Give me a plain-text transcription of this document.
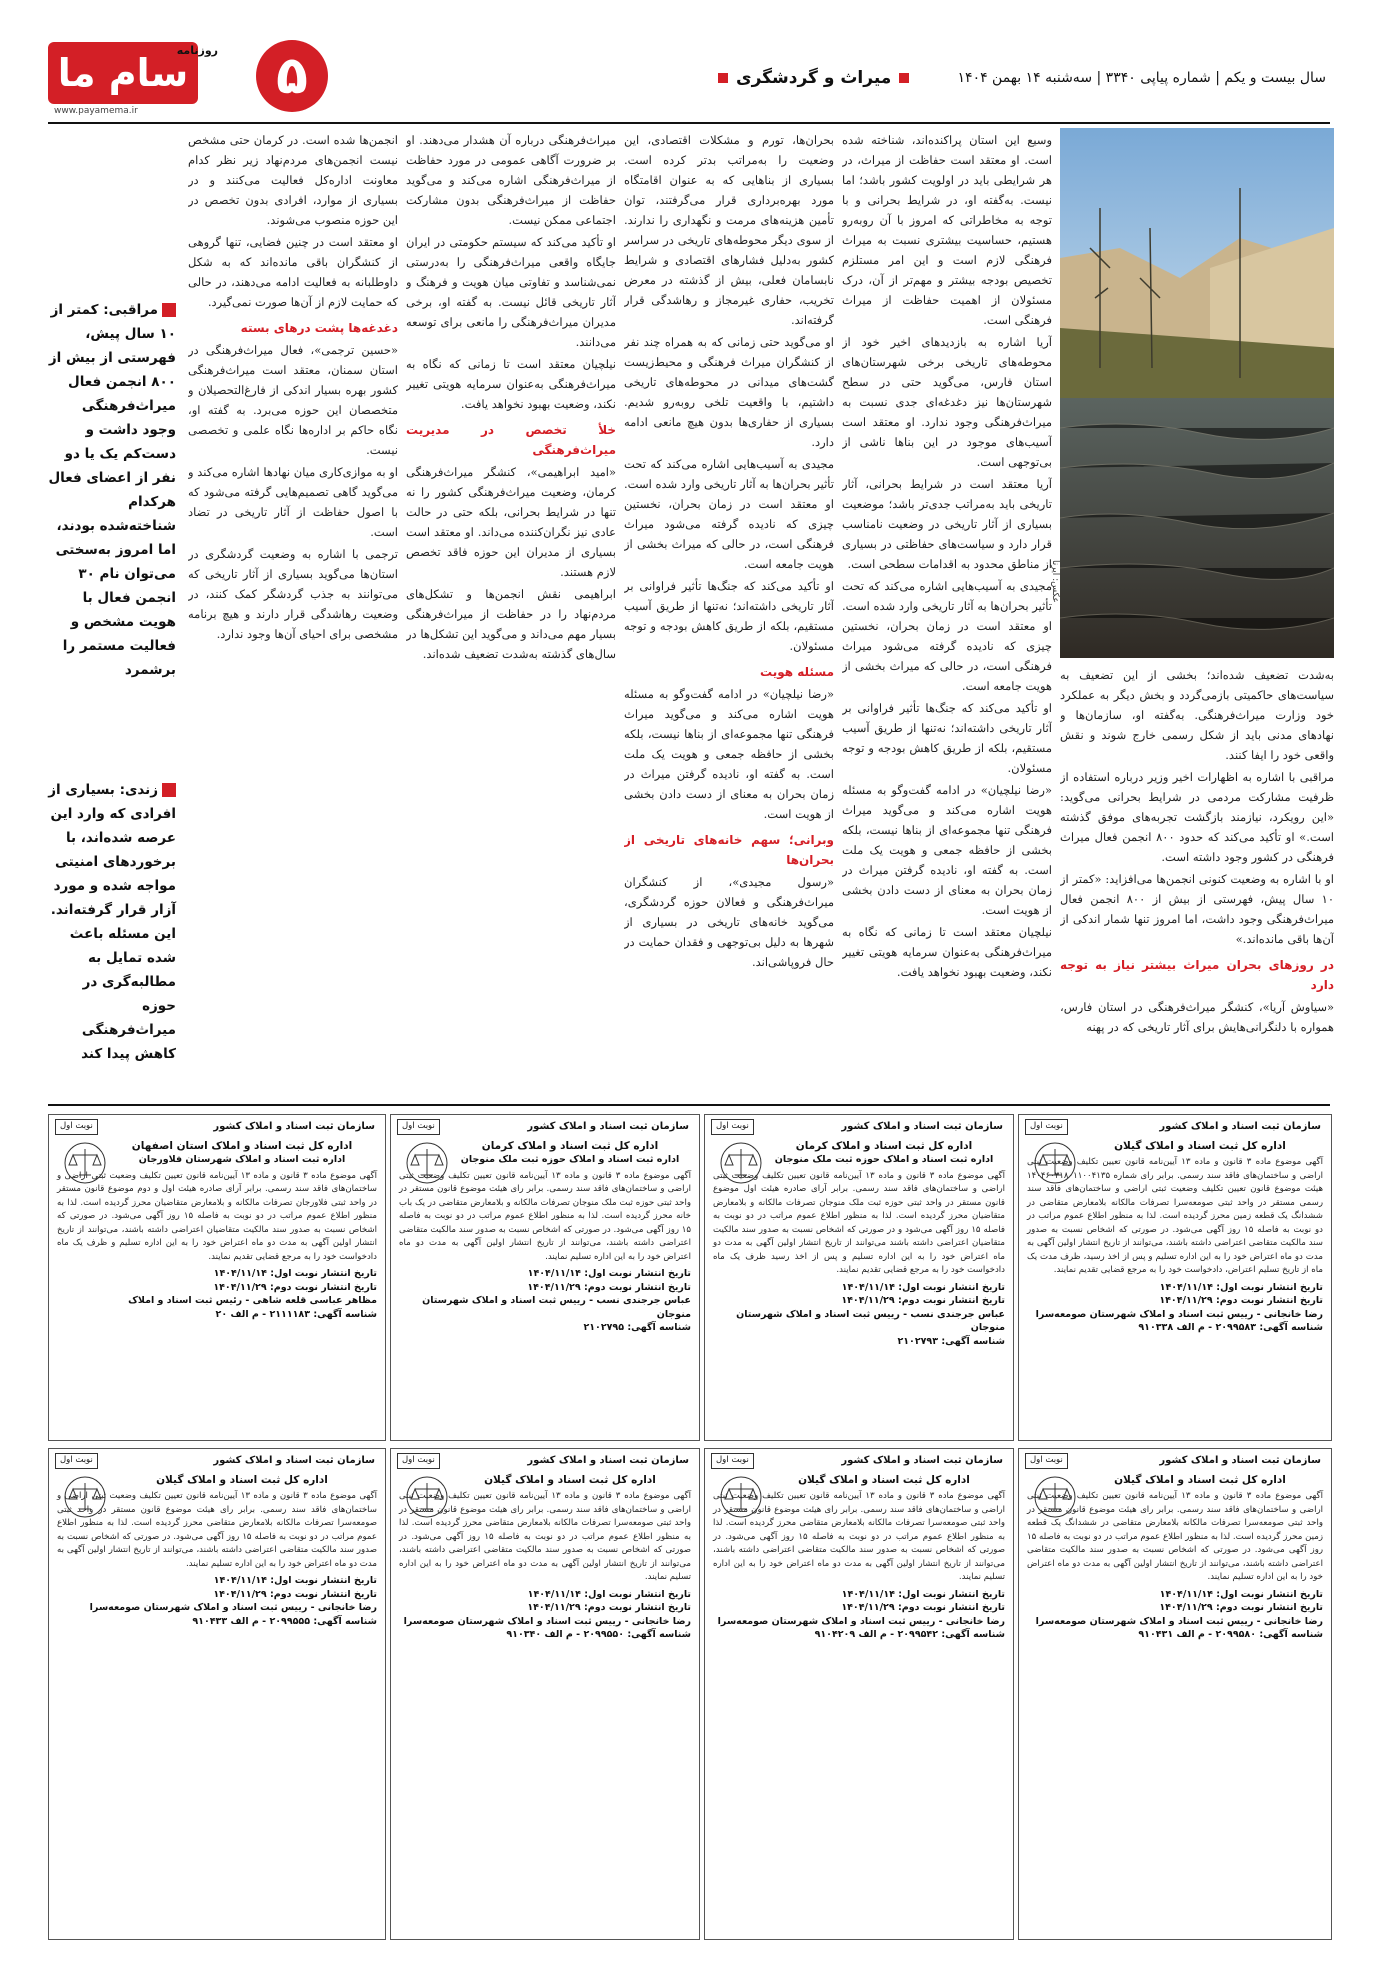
سام ما
روزنامه
www.payamema.ir
۵	میراث و گردشگری	سال بیست و یکم | شماره پیاپی ۳۳۴۰ | سه‌شنبه ۱۴ بهمن ۱۴۰۴
عکس: ایرنا

به‌شدت تضعیف شده‌اند؛ بخشی از این تضعیف به سیاست‌های حاکمیتی بازمی‌گردد و بخش دیگر به عملکرد خود وزارت میراث‌فرهنگی. به‌گفته او، سازمان‌ها و نهادهای مدنی باید از شکل رسمی خارج شوند و نقش واقعی خود را ایفا کنند.

مراقبی با اشاره به اظهارات اخیر وزیر درباره استفاده از ظرفیت مشارکت مردمی در شرایط بحرانی می‌گوید: «این رویکرد، نیازمند بازگشت تجربه‌های موفق گذشته است.» او تأکید می‌کند که حدود ۸۰۰ انجمن فعال میراث فرهنگی در کشور وجود داشته است.

او با اشاره به وضعیت کنونی انجمن‌ها می‌افزاید: «کمتر از ۱۰ سال پیش، فهرستی از بیش از ۸۰۰ انجمن فعال میراث‌فرهنگی وجود داشت، اما امروز تنها شمار اندکی از آن‌ها باقی مانده‌اند.»

در روزهای بحران میراث بیشتر نیاز به توجه دارد

«سیاوش آریا»، کنشگر میراث‌فرهنگی در استان فارس، همواره با دلنگرانی‌هایش برای آثار تاریخی که در پهنه

وسیع این استان پراکنده‌اند، شناخته شده است. او معتقد است حفاظت از میراث، در هر شرایطی باید در اولویت کشور باشد؛ اما نیست. به‌گفته او، در شرایط بحرانی و با توجه به مخاطراتی که امروز با آن روبه‌رو هستیم، حساسیت بیشتری نسبت به میراث فرهنگی لازم است و این امر مستلزم تخصیص بودجه بیشتر و مهم‌تر از آن، درک مسئولان از اهمیت حفاظت از میراث فرهنگی است.

آریا اشاره به بازدیدهای اخیر خود از محوطه‌های تاریخی برخی شهرستان‌های استان فارس، می‌گوید حتی در سطح شهرستان‌ها نیز دغدغه‌ای جدی نسبت به میراث‌فرهنگی وجود ندارد. او معتقد است آسیب‌های موجود در این بناها ناشی از بی‌توجهی است.

آریا معتقد است در شرایط بحرانی، آثار تاریخی باید به‌مراتب جدی‌تر باشد؛ موضعیت بسیاری از آثار تاریخی در وضعیت نامناسب قرار دارد و سیاست‌های حفاظتی در بسیاری از مناطق محدود به اقدامات سطحی است.

مجیدی به آسیب‌هایی اشاره می‌کند که تحت تأثیر بحران‌ها به آثار تاریخی وارد شده است. او معتقد است در زمان بحران، نخستین چیزی که نادیده گرفته می‌شود میراث فرهنگی است، در حالی که میراث بخشی از هویت جامعه است.

او تأکید می‌کند که جنگ‌ها تأثیر فراوانی بر آثار تاریخی داشته‌اند؛ نه‌تنها از طریق آسیب مستقیم، بلکه از طریق کاهش بودجه و توجه مسئولان.

«رضا نیلچیان» در ادامه گفت‌وگو به مسئله هویت اشاره می‌کند و می‌گوید میراث فرهنگی تنها مجموعه‌ای از بناها نیست، بلکه بخشی از حافظه جمعی و هویت یک ملت است. به گفته او، نادیده گرفتن میراث در زمان بحران به معنای از دست دادن بخشی از هویت است.

نیلچیان معتقد است تا زمانی که نگاه به میراث‌فرهنگی به‌عنوان سرمایه هویتی تغییر نکند، وضعیت بهبود نخواهد یافت.

بحران‌ها، تورم و مشکلات اقتصادی، این وضعیت را به‌مراتب بدتر کرده است. بسیاری از بناهایی که به عنوان اقامتگاه مورد بهره‌برداری قرار می‌گرفتند، توان تأمین هزینه‌های مرمت و نگهداری را ندارند. از سوی دیگر محوطه‌های تاریخی در سراسر کشور به‌دلیل فشارهای اقتصادی و شرایط نابسامان فعلی، بیش از گذشته در معرض تخریب، حفاری غیرمجاز و رهاشدگی قرار گرفته‌اند.

او می‌گوید حتی زمانی که به همراه چند نفر از کنشگران میراث فرهنگی و محیط‌زیست گشت‌های میدانی در محوطه‌های تاریخی داشتیم، با واقعیت تلخی روبه‌رو شدیم. بسیاری از حفاری‌ها بدون هیچ مانعی ادامه دارد.

مجیدی به آسیب‌هایی اشاره می‌کند که تحت تأثیر بحران‌ها به آثار تاریخی وارد شده است. او معتقد است در زمان بحران، نخستین چیزی که نادیده گرفته می‌شود میراث فرهنگی است، در حالی که میراث بخشی از هویت جامعه است.

او تأکید می‌کند که جنگ‌ها تأثیر فراوانی بر آثار تاریخی داشته‌اند؛ نه‌تنها از طریق آسیب مستقیم، بلکه از طریق کاهش بودجه و توجه مسئولان.

مسئله هویت

«رضا نیلچیان» در ادامه گفت‌وگو به مسئله هویت اشاره می‌کند و می‌گوید میراث فرهنگی تنها مجموعه‌ای از بناها نیست، بلکه بخشی از حافظه جمعی و هویت یک ملت است. به گفته او، نادیده گرفتن میراث در زمان بحران به معنای از دست دادن بخشی از هویت است.

وبرانی؛ سهم خانه‌های تاریخی از بحران‌ها

«رسول مجیدی»، از کنشگران میراث‌فرهنگی و فعالان حوزه گردشگری، می‌گوید خانه‌های تاریخی در بسیاری از شهرها به دلیل بی‌توجهی و فقدان حمایت در حال فروپاشی‌اند.

میراث‌فرهنگی درباره آن هشدار می‌دهند. او بر ضرورت آگاهی عمومی در مورد حفاظت از میراث‌فرهنگی اشاره می‌کند و می‌گوید حفاظت از میراث‌فرهنگی بدون مشارکت اجتماعی ممکن نیست.

او تأکید می‌کند که سیستم حکومتی در ایران جایگاه واقعی میراث‌فرهنگی را به‌درستی نمی‌شناسد و تفاوتی میان هویت و فرهنگ و آثار تاریخی قائل نیست. به گفته او، برخی مدیران میراث‌فرهنگی را مانعی برای توسعه می‌دانند.

نیلچیان معتقد است تا زمانی که نگاه به میراث‌فرهنگی به‌عنوان سرمایه هویتی تغییر نکند، وضعیت بهبود نخواهد یافت.

خلأ تخصص در مدیریت میراث‌فرهنگی

«امید ابراهیمی»، کنشگر میراث‌فرهنگی کرمان، وضعیت میراث‌فرهنگی کشور را نه تنها در شرایط بحرانی، بلکه حتی در حالت عادی نیز نگران‌کننده می‌داند. او معتقد است بسیاری از مدیران این حوزه فاقد تخصص لازم هستند.

ابراهیمی نقش انجمن‌ها و تشکل‌های مردم‌نهاد را در حفاظت از میراث‌فرهنگی بسیار مهم می‌داند و می‌گوید این تشکل‌ها در سال‌های گذشته به‌شدت تضعیف شده‌اند.

انجمن‌ها شده است. در کرمان حتی مشخص نیست انجمن‌های مردم‌نهاد زیر نظر کدام معاونت اداره‌کل فعالیت می‌کنند و در بسیاری از موارد، افرادی بدون تخصص در این حوزه منصوب می‌شوند.

او معتقد است در چنین فضایی، تنها گروهی از کنشگران باقی مانده‌اند که به شکل داوطلبانه به فعالیت ادامه می‌دهند، در حالی که حمایت لازم از آن‌ها صورت نمی‌گیرد.

دغدغه‌ها پشت درهای بسته

«حسین ترجمی»، فعال میراث‌فرهنگی در استان سمنان، معتقد است میراث‌فرهنگی کشور بهره بسیار اندکی از فارغ‌التحصیلان و متخصصان این حوزه می‌برد. به گفته او، نگاه حاکم بر اداره‌ها نگاه علمی و تخصصی نیست.

او به موازی‌کاری میان نهادها اشاره می‌کند و می‌گوید گاهی تصمیم‌هایی گرفته می‌شود که با اصول حفاظت از آثار تاریخی در تضاد است.

ترجمی با اشاره به وضعیت گردشگری در استان‌ها می‌گوید بسیاری از آثار تاریخی که می‌توانند به جذب گردشگر کمک کنند، در وضعیت رهاشدگی قرار دارند و هیچ برنامه مشخصی برای احیای آن‌ها وجود ندارد.

مراقبی: کمتر از ۱۰ سال پیش، فهرستی از بیش از ۸۰۰ انجمن فعال میراث‌فرهنگی وجود داشت و دست‌کم یک یا دو نفر از اعضای فعال هرکدام شناخته‌شده بودند، اما امروز به‌سختی می‌توان نام ۳۰ انجمن فعال با هویت مشخص و فعالیت مستمر را برشمرد
زندی: بسیاری از افرادی که وارد این عرصه شده‌اند، با برخوردهای امنیتی مواجه شده و مورد آزار قرار گرفته‌اند. این مسئله باعث شده تمایل به مطالبه‌گری در حوزه میراث‌فرهنگی کاهش پیدا کند
نوبت اول	سازمان ثبت اسناد و املاک کشور
اداره کل ثبت اسناد و املاک گیلان
آگهی موضوع ماده ۳ قانون و ماده ۱۳ آیین‌نامه قانون تعیین تکلیف وضعیت ثبتی اراضی و ساختمان‌های فاقد سند رسمی. برابر رای شماره ۱۴۰۴۶۰۳۱۸۰۱۱۰۰۴۱۳۵ هیئت موضوع قانون تعیین تکلیف وضعیت ثبتی اراضی و ساختمان‌های فاقد سند رسمی مستقر در واحد ثبتی صومعه‌سرا تصرفات مالکانه بلامعارض متقاضی در ششدانگ یک قطعه زمین محرز گردیده است. لذا به منظور اطلاع عموم مراتب در دو نوبت به فاصله ۱۵ روز آگهی می‌شود. در صورتی که اشخاص نسبت به صدور سند مالکیت متقاضی اعتراضی داشته باشند، می‌توانند از تاریخ انتشار اولین آگهی به مدت دو ماه اعتراض خود را به این اداره تسلیم و پس از اخذ رسید، ظرف مدت یک ماه از تاریخ تسلیم اعتراض، دادخواست خود را به مرجع قضایی تقدیم نمایند.
تاریخ انتشار نوبت اول: ۱۴۰۴/۱۱/۱۴
تاریخ انتشار نوبت دوم: ۱۴۰۴/۱۱/۲۹
رضا خانجانی - رییس ثبت اسناد و املاک شهرستان صومعه‌سرا
شناسه آگهی: ۲۰۹۹۵۸۳ - م الف ۹۱۰۳۳۸
نوبت اول	سازمان ثبت اسناد و املاک کشور
اداره کل ثبت اسناد و املاک کرمان
اداره ثبت اسناد و املاک حوزه ثبت ملک منوجان
آگهی موضوع ماده ۳ قانون و ماده ۱۳ آیین‌نامه قانون تعیین تکلیف وضعیت ثبتی اراضی و ساختمان‌های فاقد سند رسمی. برابر آرای صادره هیئت اول موضوع قانون مستقر در واحد ثبتی حوزه ثبت ملک منوجان تصرفات مالکانه و بلامعارض متقاضیان محرز گردیده است. لذا به منظور اطلاع عموم مراتب در دو نوبت به فاصله ۱۵ روز آگهی می‌شود و در صورتی که اشخاص نسبت به صدور سند مالکیت متقاضیان اعتراضی داشته باشند می‌توانند از تاریخ انتشار اولین آگهی به مدت دو ماه اعتراض خود را به این اداره تسلیم و پس از اخذ رسید ظرف یک ماه دادخواست خود را به مرجع قضایی تقدیم نمایند.
تاریخ انتشار نوبت اول: ۱۴۰۴/۱۱/۱۴
تاریخ انتشار نوبت دوم: ۱۴۰۴/۱۱/۲۹
عباس جرجندی نسب - رییس ثبت اسناد و املاک شهرستان منوجان
شناسه آگهی: ۲۱۰۲۷۹۳
نوبت اول	سازمان ثبت اسناد و املاک کشور
اداره کل ثبت اسناد و املاک کرمان
اداره ثبت اسناد و املاک حوزه ثبت ملک منوجان
آگهی موضوع ماده ۳ قانون و ماده ۱۳ آیین‌نامه قانون تعیین تکلیف وضعیت ثبتی اراضی و ساختمان‌های فاقد سند رسمی. برابر رای هیئت موضوع قانون مستقر در واحد ثبتی حوزه ثبت ملک منوجان تصرفات مالکانه و بلامعارض متقاضی در یک باب خانه محرز گردیده است. لذا به منظور اطلاع عموم مراتب در دو نوبت به فاصله ۱۵ روز آگهی می‌شود. در صورتی که اشخاص نسبت به صدور سند مالکیت متقاضی اعتراضی داشته باشند، می‌توانند از تاریخ انتشار اولین آگهی به مدت دو ماه اعتراض خود را به این اداره تسلیم نمایند.
تاریخ انتشار نوبت اول: ۱۴۰۴/۱۱/۱۴
تاریخ انتشار نوبت دوم: ۱۴۰۴/۱۱/۲۹
عباس جرجندی نسب - رییس ثبت اسناد و املاک شهرستان منوجان
شناسه آگهی: ۲۱۰۲۷۹۵
نوبت اول	سازمان ثبت اسناد و املاک کشور
اداره کل ثبت اسناد و املاک استان اصفهان
اداره ثبت اسناد و املاک شهرستان فلاورجان
آگهی موضوع ماده ۳ قانون و ماده ۱۳ آیین‌نامه قانون تعیین تکلیف وضعیت ثبتی اراضی و ساختمان‌های فاقد سند رسمی. برابر آرای صادره هیئت اول و دوم موضوع قانون مستقر در واحد ثبتی فلاورجان تصرفات مالکانه و بلامعارض متقاضیان محرز گردیده است. لذا به منظور اطلاع عموم مراتب در دو نوبت به فاصله ۱۵ روز آگهی می‌شود. در صورتی که اشخاص نسبت به صدور سند مالکیت متقاضیان اعتراضی داشته باشند، می‌توانند از تاریخ انتشار اولین آگهی به مدت دو ماه اعتراض خود را به این اداره تسلیم و ظرف یک ماه دادخواست خود را به مرجع قضایی تقدیم نمایند.
تاریخ انتشار نوبت اول: ۱۴۰۴/۱۱/۱۴
تاریخ انتشار نوبت دوم: ۱۴۰۴/۱۱/۲۹
مظاهر عباسی قلعه شاهی - رئیس ثبت اسناد و املاک
شناسه آگهی: ۲۱۱۱۱۸۳ - م الف ۲۰
نوبت اول	سازمان ثبت اسناد و املاک کشور
اداره کل ثبت اسناد و املاک گیلان
آگهی موضوع ماده ۳ قانون و ماده ۱۳ آیین‌نامه قانون تعیین تکلیف وضعیت ثبتی اراضی و ساختمان‌های فاقد سند رسمی. برابر رای هیئت موضوع قانون مستقر در واحد ثبتی صومعه‌سرا تصرفات مالکانه بلامعارض متقاضی در ششدانگ یک قطعه زمین محرز گردیده است. لذا به منظور اطلاع عموم مراتب در دو نوبت به فاصله ۱۵ روز آگهی می‌شود. در صورتی که اشخاص نسبت به صدور سند مالکیت متقاضی اعتراضی داشته باشند، می‌توانند از تاریخ انتشار اولین آگهی به مدت دو ماه اعتراض خود را به این اداره تسلیم نمایند.
تاریخ انتشار نوبت اول: ۱۴۰۴/۱۱/۱۴
تاریخ انتشار نوبت دوم: ۱۴۰۴/۱۱/۲۹
رضا خانجانی - رییس ثبت اسناد و املاک شهرستان صومعه‌سرا
شناسه آگهی: ۲۰۹۹۵۸۰ - م الف ۹۱۰۴۳۱
نوبت اول	سازمان ثبت اسناد و املاک کشور
اداره کل ثبت اسناد و املاک گیلان
آگهی موضوع ماده ۳ قانون و ماده ۱۳ آیین‌نامه قانون تعیین تکلیف وضعیت ثبتی اراضی و ساختمان‌های فاقد سند رسمی. برابر رای هیئت موضوع قانون مستقر در واحد ثبتی صومعه‌سرا تصرفات مالکانه بلامعارض متقاضی محرز گردیده است. لذا به منظور اطلاع عموم مراتب در دو نوبت به فاصله ۱۵ روز آگهی می‌شود. در صورتی که اشخاص نسبت به صدور سند مالکیت متقاضی اعتراضی داشته باشند، می‌توانند از تاریخ انتشار اولین آگهی به مدت دو ماه اعتراض خود را به این اداره تسلیم نمایند.
تاریخ انتشار نوبت اول: ۱۴۰۴/۱۱/۱۴
تاریخ انتشار نوبت دوم: ۱۴۰۴/۱۱/۲۹
رضا خانجانی - رییس ثبت اسناد و املاک شهرستان صومعه‌سرا
شناسه آگهی: ۲۰۹۹۵۴۲ - م الف ۹۱۰۴۲۰۹
نوبت اول	سازمان ثبت اسناد و املاک کشور
اداره کل ثبت اسناد و املاک گیلان
آگهی موضوع ماده ۳ قانون و ماده ۱۳ آیین‌نامه قانون تعیین تکلیف وضعیت ثبتی اراضی و ساختمان‌های فاقد سند رسمی. برابر رای هیئت موضوع قانون مستقر در واحد ثبتی صومعه‌سرا تصرفات مالکانه بلامعارض متقاضی محرز گردیده است. لذا به منظور اطلاع عموم مراتب در دو نوبت به فاصله ۱۵ روز آگهی می‌شود. در صورتی که اشخاص نسبت به صدور سند مالکیت متقاضی اعتراضی داشته باشند، می‌توانند از تاریخ انتشار اولین آگهی به مدت دو ماه اعتراض خود را به این اداره تسلیم نمایند.
تاریخ انتشار نوبت اول: ۱۴۰۴/۱۱/۱۴
تاریخ انتشار نوبت دوم: ۱۴۰۴/۱۱/۲۹
رضا خانجانی - رییس ثبت اسناد و املاک شهرستان صومعه‌سرا
شناسه آگهی: ۲۰۹۹۵۵۰ - م الف ۹۱۰۳۴۰
نوبت اول	سازمان ثبت اسناد و املاک کشور
اداره کل ثبت اسناد و املاک گیلان
آگهی موضوع ماده ۳ قانون و ماده ۱۳ آیین‌نامه قانون تعیین تکلیف وضعیت ثبتی اراضی و ساختمان‌های فاقد سند رسمی. برابر رای هیئت موضوع قانون مستقر در واحد ثبتی صومعه‌سرا تصرفات مالکانه بلامعارض متقاضی محرز گردیده است. لذا به منظور اطلاع عموم مراتب در دو نوبت به فاصله ۱۵ روز آگهی می‌شود. در صورتی که اشخاص نسبت به صدور سند مالکیت متقاضی اعتراضی داشته باشند، می‌توانند از تاریخ انتشار اولین آگهی به مدت دو ماه اعتراض خود را به این اداره تسلیم نمایند.
تاریخ انتشار نوبت اول: ۱۴۰۴/۱۱/۱۴
تاریخ انتشار نوبت دوم: ۱۴۰۴/۱۱/۲۹
رضا خانجانی - رییس ثبت اسناد و املاک شهرستان صومعه‌سرا
شناسه آگهی: ۲۰۹۹۵۵۵ - م الف ۹۱۰۴۳۳
